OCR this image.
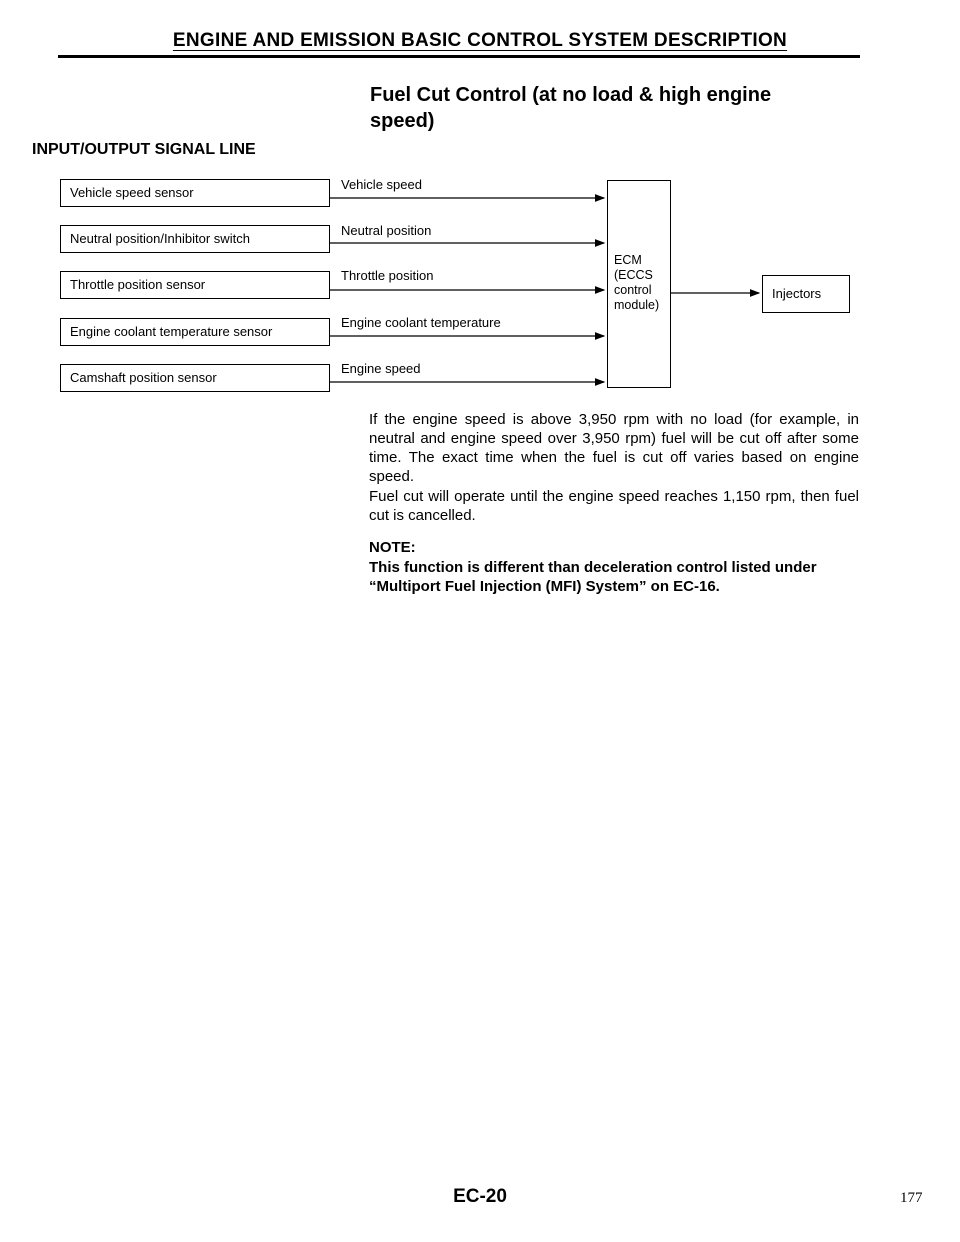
ENGINE AND EMISSION BASIC CONTROL SYSTEM DESCRIPTION
Fuel Cut Control (at no load & high engine speed)
INPUT/OUTPUT SIGNAL LINE
Vehicle speed sensor
Neutral position/Inhibitor switch
Throttle position sensor
Engine coolant temperature sensor
Camshaft position sensor
Vehicle speed
Neutral position
Throttle position
Engine coolant temperature
Engine speed
ECM
(ECCS
control
module)
Injectors
If the engine speed is above 3,950 rpm with no load (for example, in neutral and engine speed over 3,950 rpm) fuel will be cut off after some time. The exact time when the fuel is cut off varies based on engine speed.
Fuel cut will operate until the engine speed reaches 1,150 rpm, then fuel cut is cancelled.
NOTE:
This function is different than deceleration control listed under “Multiport Fuel Injection (MFI) System” on EC-16.
EC-20	177
